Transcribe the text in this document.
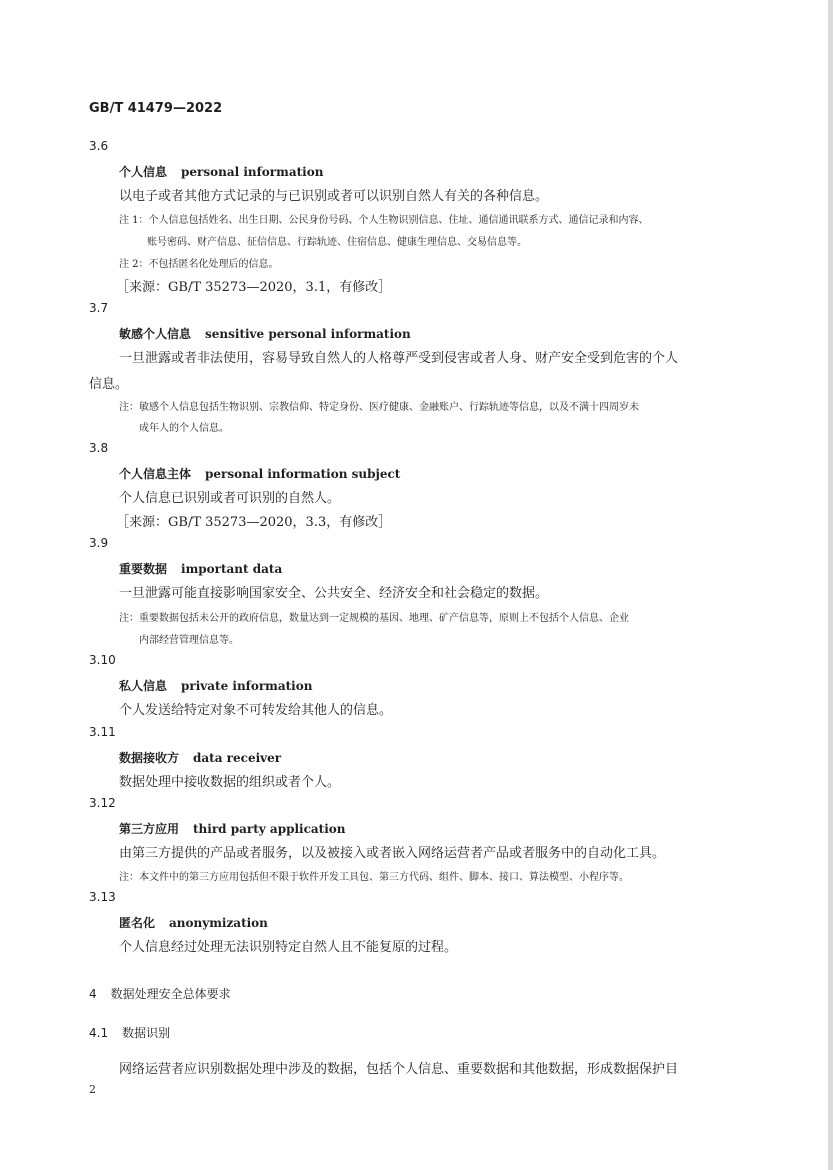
GB/T 41479—2022
3.6
个人信息 personal information
以电子或者其他方式记录的与已识别或者可以识别自然人有关的各种信息。
注 1：个人信息包括姓名、出生日期、公民身份号码、个人生物识别信息、住址、通信通讯联系方式、通信记录和内容、
账号密码、财产信息、征信信息、行踪轨迹、住宿信息、健康生理信息、交易信息等。
注 2：不包括匿名化处理后的信息。
［来源：GB/T 35273—2020，3.1，有修改］
3.7
敏感个人信息 sensitive personal information
一旦泄露或者非法使用，容易导致自然人的人格尊严受到侵害或者人身、财产安全受到危害的个人
信息。
注：敏感个人信息包括生物识别、宗教信仰、特定身份、医疗健康、金融账户、行踪轨迹等信息，以及不满十四周岁未
成年人的个人信息。
3.8
个人信息主体 personal information subject
个人信息已识别或者可识别的自然人。
［来源：GB/T 35273—2020，3.3，有修改］
3.9
重要数据 important data
一旦泄露可能直接影响国家安全、公共安全、经济安全和社会稳定的数据。
注：重要数据包括未公开的政府信息，数量达到一定规模的基因、地理、矿产信息等，原则上不包括个人信息、企业
内部经营管理信息等。
3.10
私人信息 private information
个人发送给特定对象不可转发给其他人的信息。
3.11
数据接收方 data receiver
数据处理中接收数据的组织或者个人。
3.12
第三方应用 third party application
由第三方提供的产品或者服务，以及被接入或者嵌入网络运营者产品或者服务中的自动化工具。
注：本文件中的第三方应用包括但不限于软件开发工具包、第三方代码、组件、脚本、接口、算法模型、小程序等。
3.13
匿名化 anonymization
个人信息经过处理无法识别特定自然人且不能复原的过程。
4 数据处理安全总体要求
4.1 数据识别
网络运营者应识别数据处理中涉及的数据，包括个人信息、重要数据和其他数据，形成数据保护目
2
